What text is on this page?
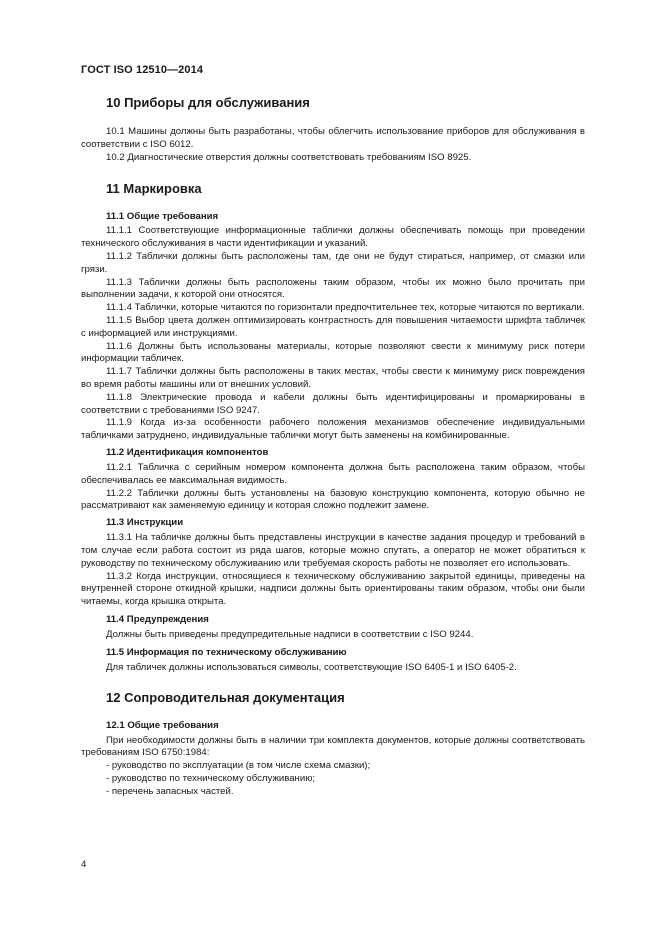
ГОСТ ISO 12510—2014
10 Приборы для обслуживания

10.1 Машины должны быть разработаны, чтобы облегчить использование приборов для обслуживания в соответствии с ISO 6012.

10.2 Диагностические отверстия должны соответствовать требованиям ISO 8925.

11 Маркировка
11.1 Общие требования

11.1.1 Соответствующие информационные таблички должны обеспечивать помощь при проведении технического обслуживания в части идентификации и указаний.

11.1.2 Таблички должны быть расположены там, где они не будут стираться, например, от смазки или грязи.

11.1.3 Таблички должны быть расположены таким образом, чтобы их можно было прочитать при выполнении задачи, к которой они относятся.

11.1.4 Таблички, которые читаются по горизонтали предпочтительнее тех, которые читаются по вертикали.

11.1.5 Выбор цвета должен оптимизировать контрастность для повышения читаемости шрифта табличек с информацией или инструкциями.

11.1.6 Должны быть использованы материалы, которые позволяют свести к минимуму риск потери информации табличек.

11.1.7 Таблички должны быть расположены в таких местах, чтобы свести к минимуму риск повреждения во время работы машины или от внешних условий.

11.1.8 Электрические провода и кабели должны быть идентифицированы и промаркированы в соответствии с требованиями ISO 9247.

11.1.9 Когда из-за особенности рабочего положения механизмов обеспечение индивидуальными табличками затруднено, индивидуальные таблички могут быть заменены на комбинированные.

11.2 Идентификация компонентов

11.2.1 Табличка с серийным номером компонента должна быть расположена таким образом, чтобы обеспечивалась ее максимальная видимость.

11.2.2 Таблички должны быть установлены на базовую конструкцию компонента, которую обычно не рассматривают как заменяемую единицу и которая сложно подлежит замене.

11.3 Инструкции

11.3.1 На табличке должны быть представлены инструкции в качестве задания процедур и требований в том случае если работа состоит из ряда шагов, которые можно спутать, а оператор не может обратиться к руководству по техническому обслуживанию или требуемая скорость работы не позволяет его использовать.

11.3.2 Когда инструкции, относящиеся к техническому обслуживанию закрытой единицы, приведены на внутренней стороне откидной крышки, надписи должны быть ориентированы таким образом, чтобы они были читаемы, когда крышка открыта.

11.4 Предупреждения

Должны быть приведены предупредительные надписи в соответствии с ISO 9244.

11.5 Информация по техническому обслуживанию

Для табличек должны использоваться символы, соответствующие ISO 6405-1 и ISO 6405-2.

12 Сопроводительная документация
12.1 Общие требования

При необходимости должны быть в наличии три комплекта документов, которые должны соответствовать требованиям ISO 6750:1984:

- руководство по эксплуатации (в том числе схема смазки);
- руководство по техническому обслуживанию;
- перечень запасных частей.
4
